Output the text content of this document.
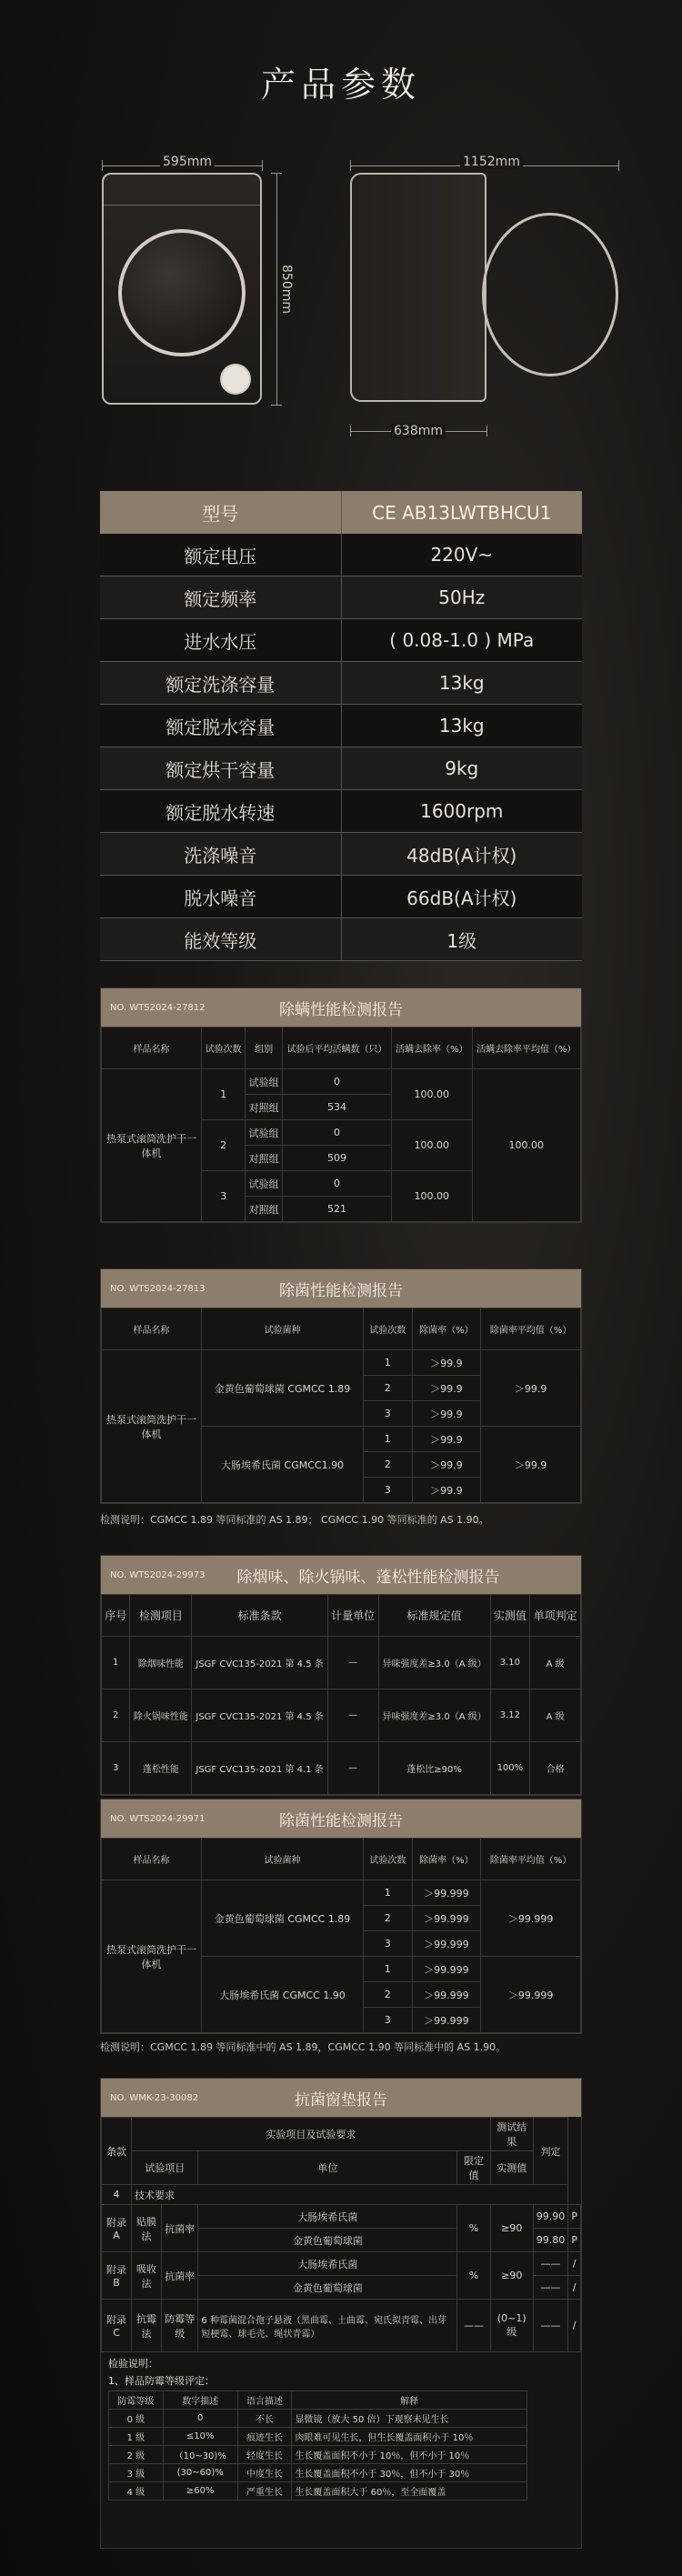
产品参数
595mm
850mm
1152mm
638mm
型号	CE AB13LWTBHCU1
额定电压	220V~
额定频率	50Hz
进水水压	( 0.08-1.0 ) MPa
额定洗涤容量	13kg
额定脱水容量	13kg
额定烘干容量	9kg
额定脱水转速	1600rpm
洗涤噪音	48dB(A计权)
脱水噪音	66dB(A计权)
能效等级	1级
NO. WTS2024-27812	除螨性能检测报告
样品名称	试验次数	组别	试验后平均活螨数（只）	活螨去除率（%）	活螨去除率平均值（%）
热泵式滚筒洗护干一体机	1	试验组	0	100.00	100.00
		对照组	534		
	2	试验组	0	100.00	
		对照组	509		
	3	试验组	0	100.00	
		对照组	521		
NO. WTS2024-27813	除菌性能检测报告
样品名称	试验菌种	试验次数	除菌率（%）	除菌率平均值（%）
热泵式滚筒洗护干一体机	金黄色葡萄球菌 CGMCC 1.89	1	＞99.9	＞99.9
		2	＞99.9	
		3	＞99.9	
	大肠埃希氏菌 CGMCC1.90	1	＞99.9	＞99.9
		2	＞99.9	
		3	＞99.9	
检测说明：CGMCC 1.89 等同标准的 AS 1.89； CGMCC 1.90 等同标准的 AS 1.90。
NO. WTS2024-29973	除烟味、除火锅味、蓬松性能检测报告
序号	检测项目	标准条款	计量单位	标准规定值	实测值	单项判定
1	除烟味性能	JSGF CVC135-2021 第 4.5 条	—	异味强度差≥3.0（A 级）	3.10	A 级
2	除火锅味性能	JSGF CVC135-2021 第 4.5 条	—	异味强度差≥3.0（A 级）	3.12	A 级
3	蓬松性能	JSGF CVC135-2021 第 4.1 条	—	蓬松比≥90%	100%	合格
NO. WTS2024-29971	除菌性能检测报告
样品名称	试验菌种	试验次数	除菌率（%）	除菌率平均值（%）
热泵式滚筒洗护干一体机	金黄色葡萄球菌 CGMCC 1.89	1	＞99.999	＞99.999
		2	＞99.999	
		3	＞99.999	
	大肠埃希氏菌 CGMCC 1.90	1	＞99.999	＞99.999
		2	＞99.999	
		3	＞99.999	
检测说明：CGMCC 1.89 等同标准中的 AS 1.89，CGMCC 1.90 等同标准中的 AS 1.90。
NO. WMK-23-30082	抗菌窗垫报告
条款	实验项目及试验要求				测试结果	判定	
	试验项目		单位	限定值	实测值		
4	技术要求						
附录 A	贴膜法	抗菌率	大肠埃希氏菌	%	≥90	99.90	P
			金黄色葡萄球菌			99.80	P
附录 B	吸收法	抗菌率	大肠埃希氏菌	%	≥90	——	/
			金黄色葡萄球菌			——	/
附录 C	抗霉法	防霉等级	6 种霉菌混合孢子悬液（黑曲霉、土曲霉、宛氏拟青霉、出芽短梗霉、球毛壳、绳状青霉）	——	(0~1)级	——	/
检验说明：
1、样品防霉等级评定：
防霉等级	数字描述	语言描述	解释
0 级	0	不长	显微镜（放大 50 倍）下观察未见生长
1 级	≤10%	痕迹生长	肉眼难可见生长，但生长覆盖面积小于 10％
2 级	（10~30)%	轻度生长	生长覆盖面积不小于 10％，但不小于 10％
3 级	(30~60)%	中度生长	生长覆盖面积不小于 30％，但不小于 30％
4 级	≥60%	严重生长	生长覆盖面积大于 60％，至全面覆盖
